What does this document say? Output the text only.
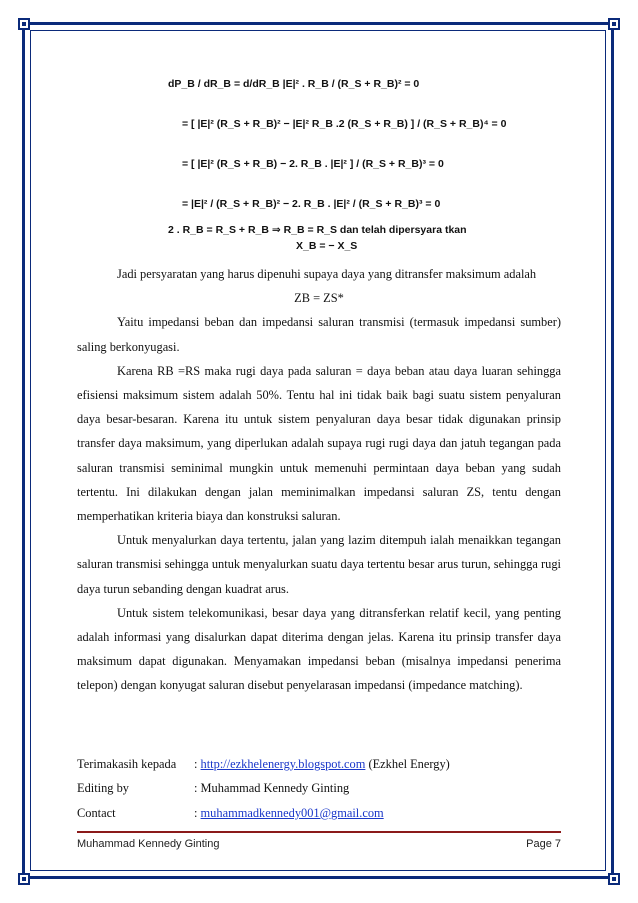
dP_B / dR_B = d/dR_B |E|² . R_B / (R_S + R_B)² = 0
= [ |E|² (R_S + R_B)² − |E|² R_B .2 (R_S + R_B) ] / (R_S + R_B)⁴ = 0
= [ |E|² (R_S + R_B) − 2. R_B . |E|² ] / (R_S + R_B)³ = 0
= |E|² / (R_S + R_B)² − 2. R_B . |E|² / (R_S + R_B)³ = 0
2 . R_B = R_S + R_B ⇒ R_B = R_S dan telah dipersyara tkan
X_B = − X_S

Jadi persyaratan yang harus dipenuhi supaya daya yang ditransfer maksimum adalah

ZB = ZS*

Yaitu impedansi beban dan impedansi saluran transmisi (termasuk impedansi sumber) saling berkonyugasi.

Karena RB =RS maka rugi daya pada saluran = daya beban atau daya luaran sehingga efisiensi maksimum sistem adalah 50%. Tentu hal ini tidak baik bagi suatu sistem penyaluran daya besar-besaran. Karena itu untuk sistem penyaluran daya besar tidak digunakan prinsip transfer daya maksimum, yang diperlukan adalah supaya rugi rugi daya dan jatuh tegangan pada saluran transmisi seminimal mungkin untuk memenuhi permintaan daya beban yang sudah tertentu. Ini dilakukan dengan jalan meminimalkan impedansi saluran ZS, tentu dengan memperhatikan kriteria biaya dan konstruksi saluran.

Untuk menyalurkan daya tertentu, jalan yang lazim ditempuh ialah menaikkan tegangan saluran transmisi sehingga untuk menyalurkan suatu daya tertentu besar arus turun, sehingga rugi daya turun sebanding dengan kuadrat arus.

Untuk sistem telekomunikasi, besar daya yang ditransferkan relatif kecil, yang penting adalah informasi yang disalurkan dapat diterima dengan jelas. Karena itu prinsip transfer daya maksimum dapat digunakan. Menyamakan impedansi beban (misalnya impedansi penerima telepon) dengan konyugat saluran disebut penyelarasan impedansi (impedance matching).

Terimakasih kepada	: http://ezkhelenergy.blogspot.com (Ezkhel Energy)
Editing by	: Muhammad Kennedy Ginting
Contact	: muhammadkennedy001@gmail.com
Muhammad Kennedy Ginting	Page 7
